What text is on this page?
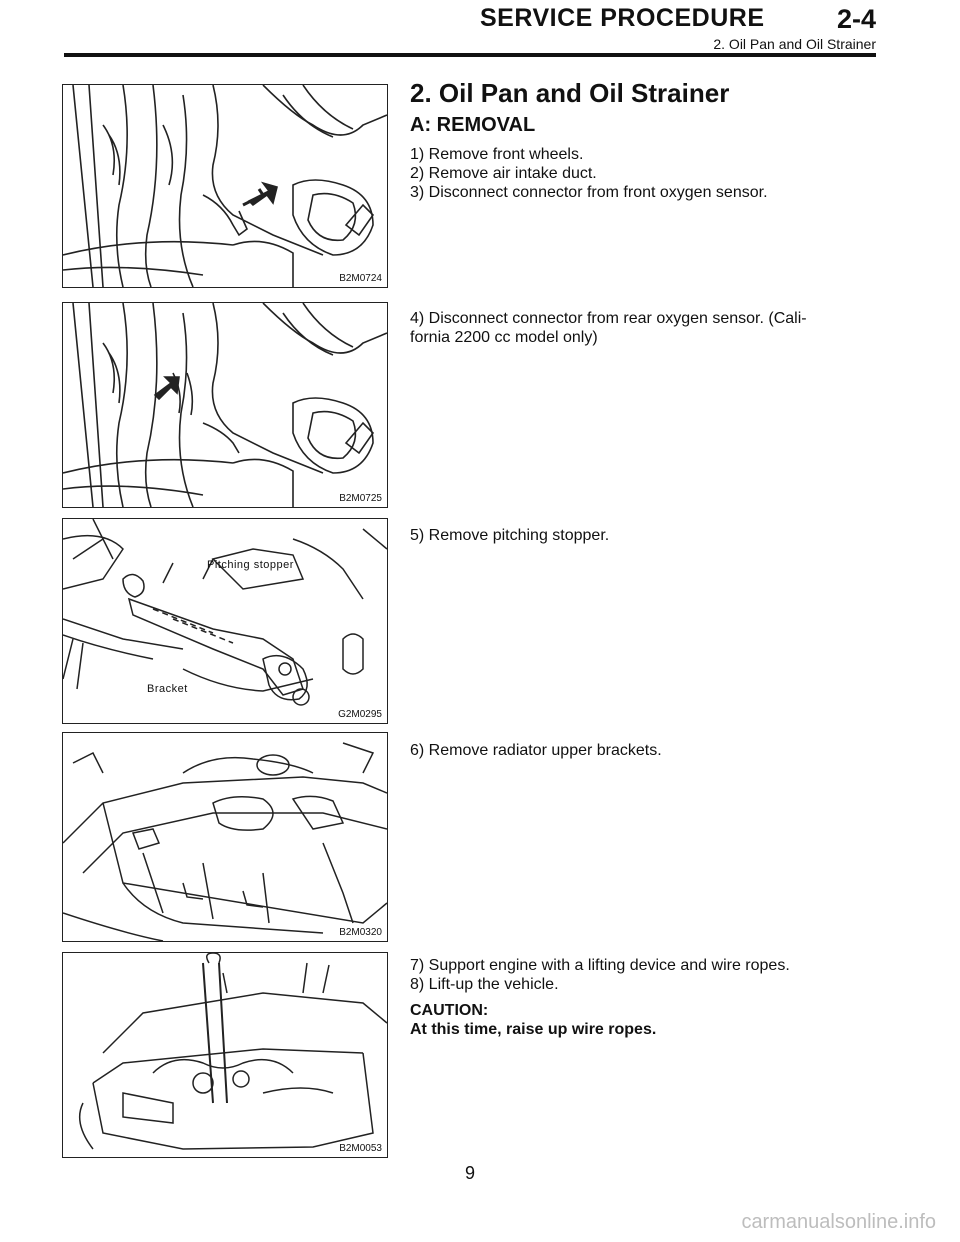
SERVICE PROCEDURE	2-4
2. Oil Pan and Oil Strainer
2. Oil Pan and Oil Strainer
A: REMOVAL
B2M0724
B2M0725
Pitching stopper
Bracket
G2M0295
B2M0320
B2M0053

1) Remove front wheels.

2) Remove air intake duct.

3) Disconnect connector from front oxygen sensor.

4) Disconnect connector from rear oxygen sensor. (Cali-

fornia 2200 cc model only)

5) Remove pitching stopper.

6) Remove radiator upper brackets.

7) Support engine with a lifting device and wire ropes.

8) Lift-up the vehicle.

CAUTION:

At this time, raise up wire ropes.

9
carmanualsonline.info
